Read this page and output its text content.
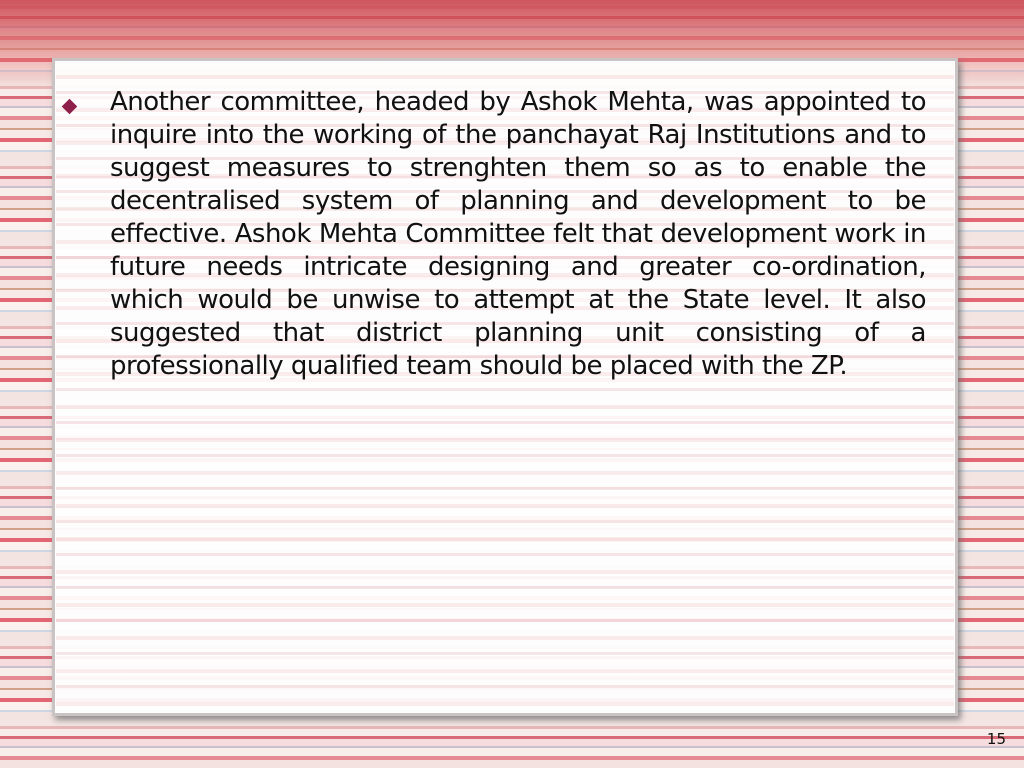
Another committee, headed by Ashok Mehta, was appointed to inquire into the working of the panchayat Raj Institutions and to suggest measures to strenghten them so as to enable the decentralised system of planning and development to be effective. Ashok Mehta Committee felt that development work in future needs intricate designing and greater co-ordination, which would be unwise to attempt at the State level. It also suggested that district planning unit consisting of a professionally qualified team should be placed with the ZP.

15
